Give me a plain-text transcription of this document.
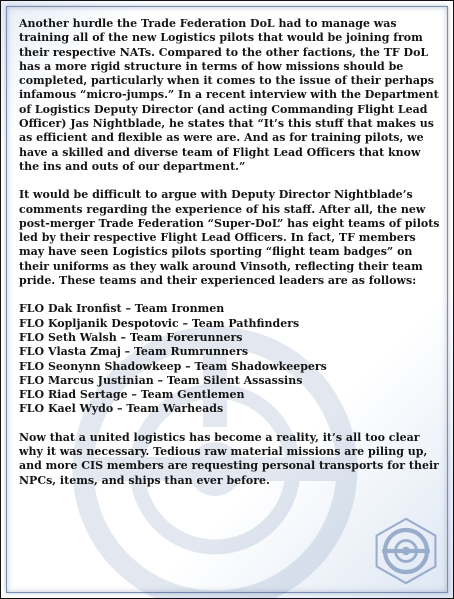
Another hurdle the Trade Federation DoL had to manage was training all of the new Logistics pilots that would be joining from their respective NATs. Compared to the other factions, the TF DoL has a more rigid structure in terms of how missions should be completed, particularly when it comes to the issue of their perhaps infamous “micro-jumps.” In a recent interview with the Department of Logistics Deputy Director (and acting Commanding Flight Lead Officer) Jas Nightblade, he states that “It’s this stuff that makes us as efficient and flexible as were are. And as for training pilots, we have a skilled and diverse team of Flight Lead Officers that know the ins and outs of our department.”

It would be difficult to argue with Deputy Director Nightblade’s comments regarding the experience of his staff. After all, the new post-merger Trade Federation “Super-DoL” has eight teams of pilots led by their respective Flight Lead Officers. In fact, TF members may have seen Logistics pilots sporting “flight team badges” on their uniforms as they walk around Vinsoth, reflecting their team pride. These teams and their experienced leaders are as follows:

FLO Dak Ironfist – Team Ironmen
FLO Kopljanik Despotovic – Team Pathfinders
FLO Seth Walsh – Team Forerunners
FLO Vlasta Zmaj – Team Rumrunners
FLO Seonynn Shadowkeep – Team Shadowkeepers
FLO Marcus Justinian – Team Silent Assassins
FLO Riad Sertage – Team Gentlemen
FLO Kael Wydo – Team Warheads

Now that a united logistics has become a reality, it’s all too clear why it was necessary. Tedious raw material missions are piling up, and more CIS members are requesting personal transports for their NPCs, items, and ships than ever before.
